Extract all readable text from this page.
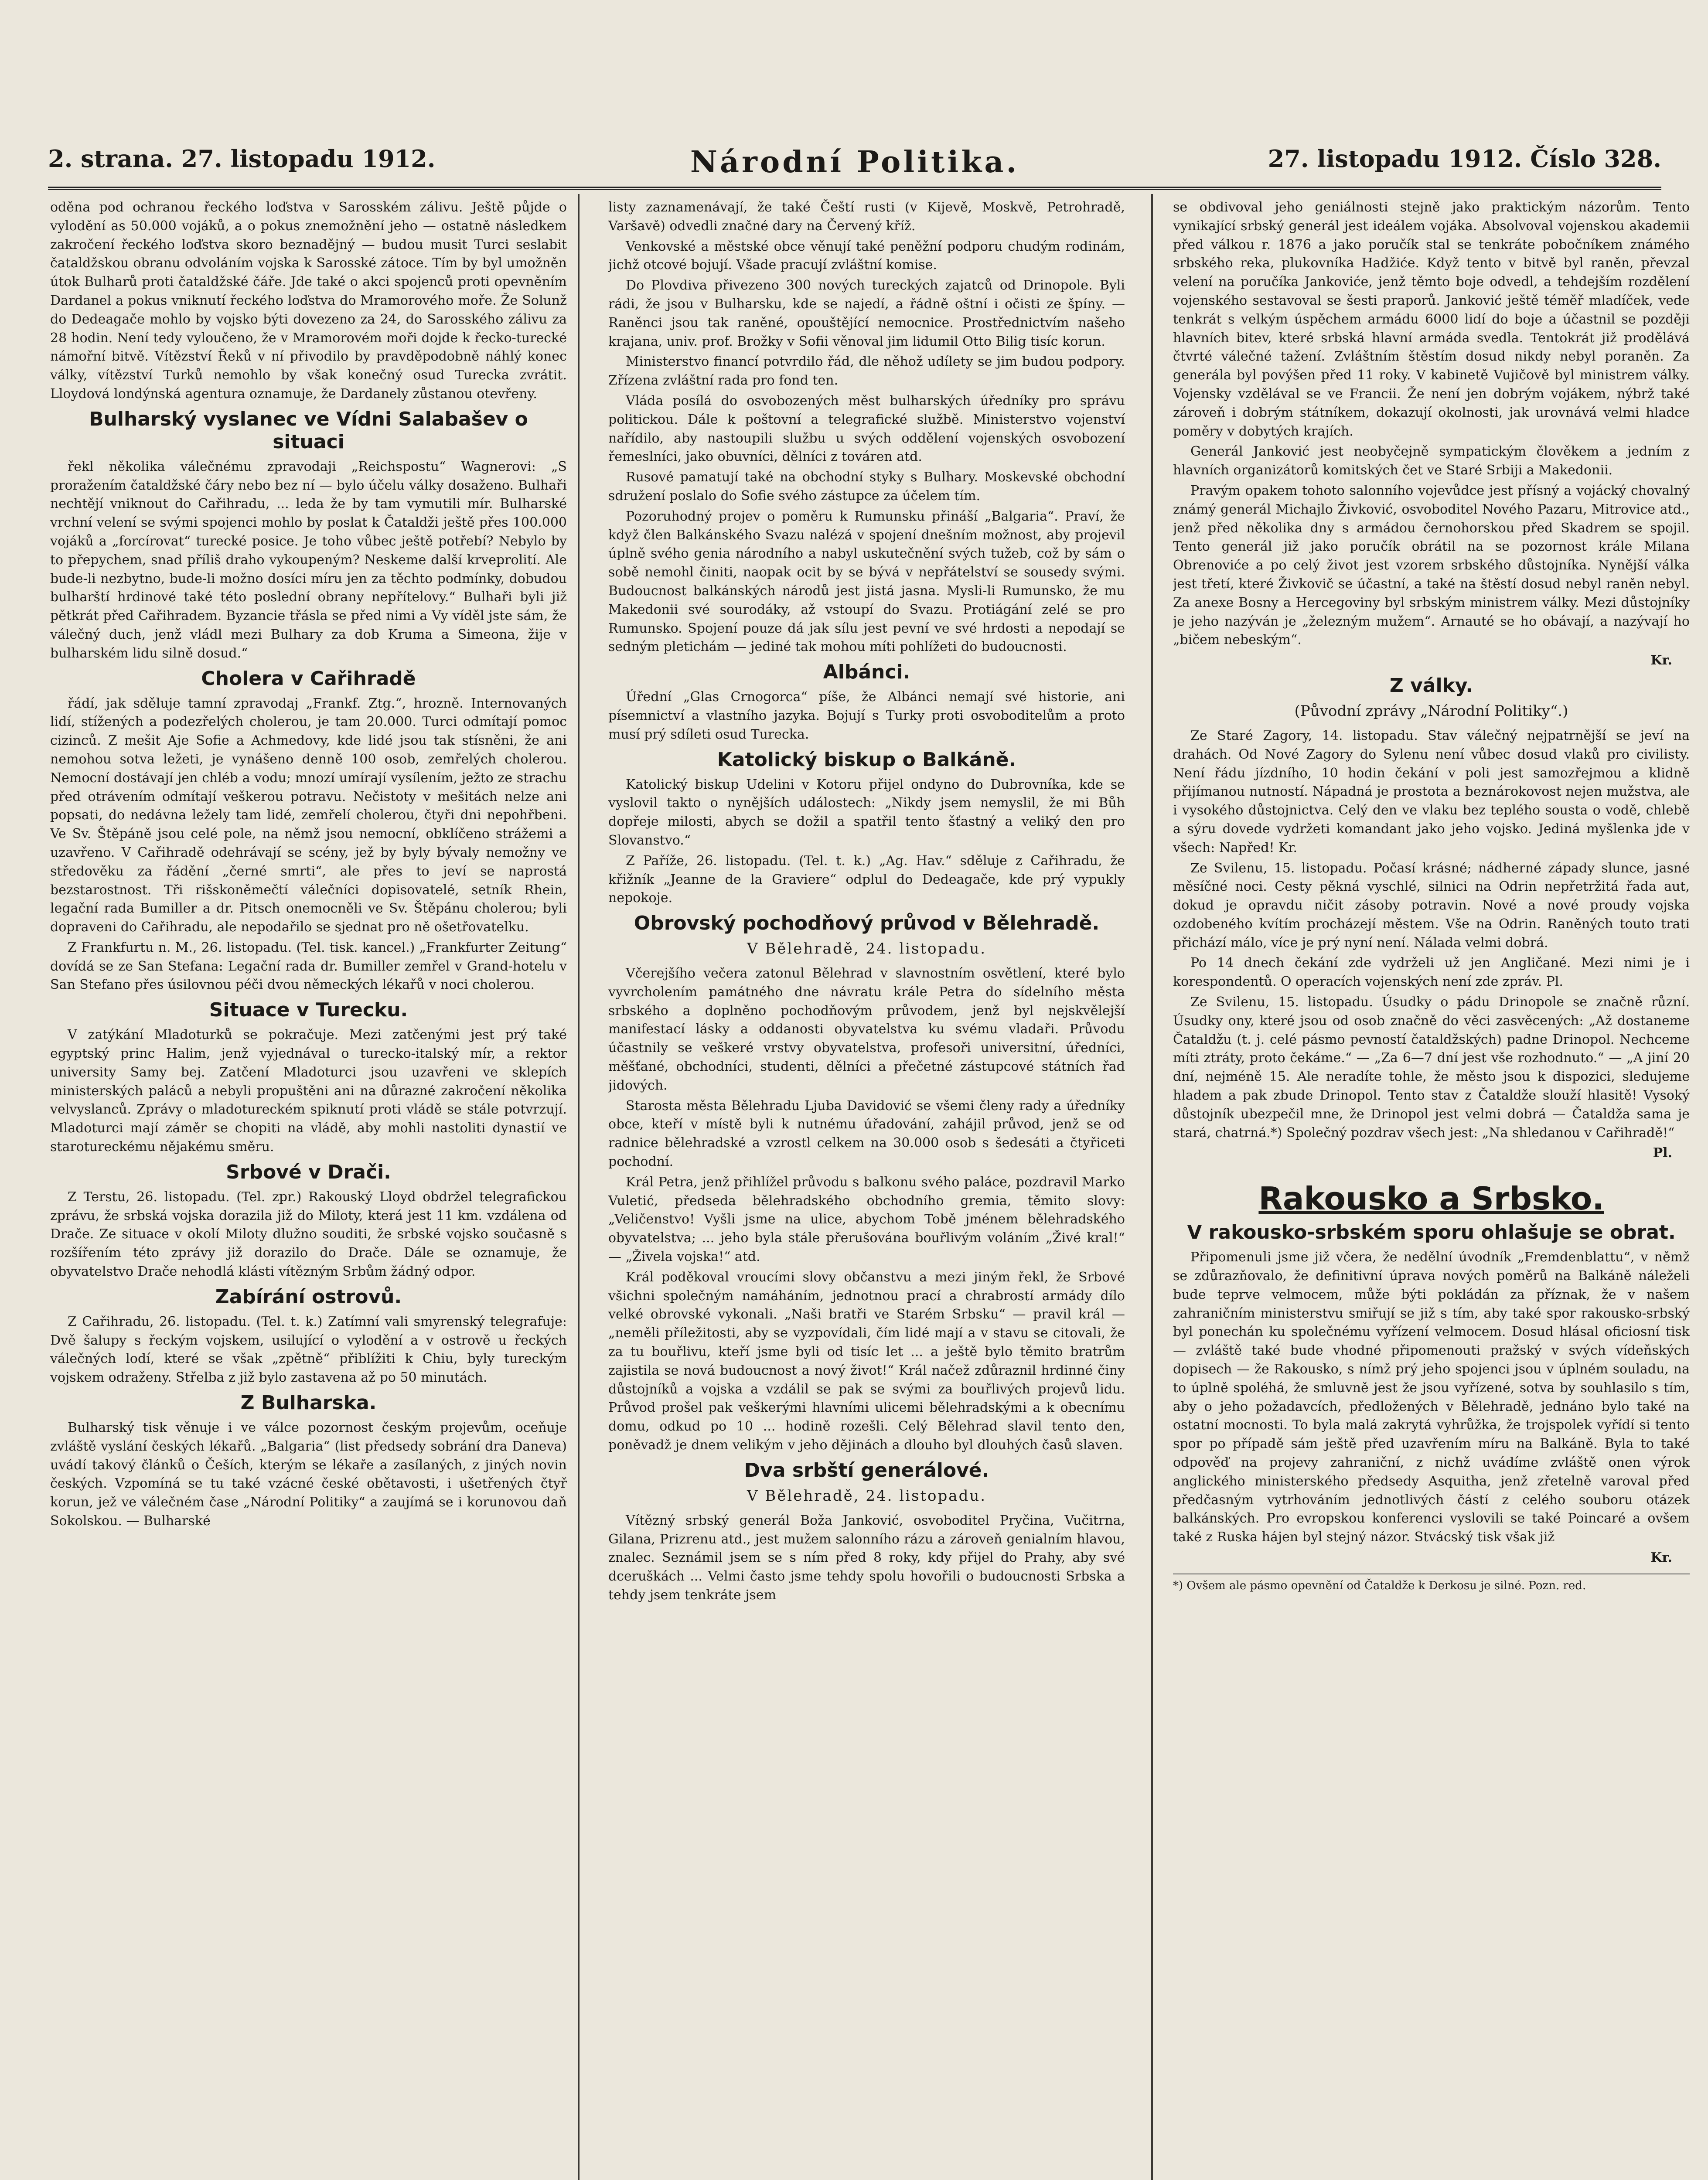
2. strana. 27. listopadu 1912.	Národní Politika.	27. listopadu 1912. Číslo 328.

oděna pod ochranou řeckého loďstva v Sarosském zálivu. Ještě půjde o vylodění as 50.000 vojáků, a o pokus znemožnění jeho — ostatně následkem zakročení řeckého loďstva skoro beznadějný — budou musit Turci seslabit čataldžskou obranu odvoláním vojska k Sarosské zátoce. Tím by byl umožněn útok Bulharů proti čataldžské čáře. Jde také o akci spojenců proti opevněním Dardanel a pokus vniknutí řeckého loďstva do Mramorového moře. Že Solunž do Dedeagače mohlo by vojsko býti dovezeno za 24, do Sarosského zálivu za 28 hodin. Není tedy vyloučeno, že v Mramorovém moři dojde k řecko-turecké námořní bitvě. Vítězství Řeků v ní přivodilo by pravděpodobně náhlý konec války, vítězství Turků nemohlo by však konečný osud Turecka zvrátit. Lloydová londýnská agentura oznamuje, že Dardanely zůstanou otevřeny.

Bulharský vyslanec ve Vídni Salabašev o situaci

řekl několika válečnému zpravodaji „Reichspostu“ Wagnerovi: „S proražením čataldžské čáry nebo bez ní — bylo účelu války dosaženo. Bulhaři nechtějí vniknout do Cařihradu, ... leda že by tam vymutili mír. Bulharské vrchní velení se svými spojenci mohlo by poslat k Čataldži ještě přes 100.000 vojáků a „forcírovat“ turecké posice. Je toho vůbec ještě potřebí? Nebylo by to přepychem, snad příliš draho vykoupeným? Neskeme další krveprolití. Ale bude-li nezbytno, bude-li možno dosíci míru jen za těchto podmínky, dobudou bulharští hrdinové také této poslední obrany nepřítelovy.“ Bulhaři byli již pětkrát před Cařihradem. Byzancie třásla se před nimi a Vy víděl jste sám, že válečný duch, jenž vládl mezi Bulhary za dob Kruma a Simeona, žije v bulharském lidu silně dosud.“

Cholera v Cařihradě

řádí, jak sděluje tamní zpravodaj „Frankf. Ztg.“, hrozně. Internovaných lidí, stížených a podezřelých cholerou, je tam 20.000. Turci odmítají pomoc cizinců. Z mešit Aje Sofie a Achmedovy, kde lidé jsou tak stísněni, že ani nemohou sotva ležeti, je vynášeno denně 100 osob, zemřelých cholerou. Nemocní dostávají jen chléb a vodu; mnozí umírají vysílením, ježto ze strachu před otrávením odmítají veškerou potravu. Nečistoty v mešitách nelze ani popsati, do nedávna ležely tam lidé, zemřelí cholerou, čtyři dni nepohřbeni. Ve Sv. Štěpáně jsou celé pole, na němž jsou nemocní, obklíčeno strážemi a uzavřeno. V Cařihradě odehrávají se scény, jež by byly bývaly nemožny ve středověku za řádění „černé smrti“, ale přes to jeví se naprostá bezstarostnost. Tři rišskoněmečtí válečníci dopisovatelé, setník Rhein, legační rada Bumiller a dr. Pitsch onemocněli ve Sv. Štěpánu cholerou; byli dopraveni do Cařihradu, ale nepodařilo se sjednat pro ně ošetřovatelku.

Z Frankfurtu n. M., 26. listopadu. (Tel. tisk. kancel.) „Frankfurter Zeitung“ dovídá se ze San Stefana: Legační rada dr. Bumiller zemřel v Grand-hotelu v San Stefano přes úsilovnou péči dvou německých lékařů v noci cholerou.

Situace v Turecku.

V zatýkání Mladoturků se pokračuje. Mezi zatčenými jest prý také egyptský princ Halim, jenž vyjednával o turecko-italský mír, a rektor university Samy bej. Zatčení Mladoturci jsou uzavřeni ve sklepích ministerských paláců a nebyli propuštěni ani na důrazné zakročení několika velvyslanců. Zprávy o mladotureckém spiknutí proti vládě se stále potvrzují. Mladoturci mají záměr se chopiti na vládě, aby mohli nastoliti dynastií ve starotureckému nějakému směru.

Srbové v Drači.

Z Terstu, 26. listopadu. (Tel. zpr.) Rakouský Lloyd obdržel telegrafickou zprávu, že srbská vojska dorazila již do Miloty, která jest 11 km. vzdálena od Drače. Ze situace v okolí Miloty dlužno souditi, že srbské vojsko současně s rozšířením této zprávy již dorazilo do Drače. Dále se oznamuje, že obyvatelstvo Drače nehodlá klásti vítězným Srbům žádný odpor.

Zabírání ostrovů.

Z Cařihradu, 26. listopadu. (Tel. t. k.) Zatímní vali smyrenský telegrafuje: Dvě šalupy s řeckým vojskem, usilující o vylodění a v ostrově u řeckých válečných lodí, které se však „zpětně“ přiblížiti k Chiu, byly tureckým vojskem odraženy. Střelba z již bylo zastavena až po 50 minutách.

Z Bulharska.

Bulharský tisk věnuje i ve válce pozornost českým projevům, oceňuje zvláště vyslání českých lékařů. „Balgaria“ (list předsedy sobrání dra Daneva) uvádí takový článků o Češích, kterým se lékaře a zasílaných, z jiných novin českých. Vzpomíná se tu také vzácné české obětavosti, i ušetřených čtyř korun, jež ve válečném čase „Národní Politiky“ a zaujímá se i korunovou daň Sokolskou. — Bulharské

listy zaznamenávají, že také Čeští rusti (v Kijevě, Moskvě, Petrohradě, Varšavě) odvedli značné dary na Červený kříž.

Venkovské a městské obce věnují také peněžní podporu chudým rodinám, jichž otcové bojují. Všade pracují zvláštní komise.

Do Plovdiva přivezeno 300 nových tureckých zajatců od Drinopole. Byli rádi, že jsou v Bulharsku, kde se najedí, a řádně oštní i očisti ze špíny. — Raněnci jsou tak raněné, opouštějící nemocnice. Prostřednictvím našeho krajana, univ. prof. Brožky v Sofii věnoval jim lidumil Otto Bilig tisíc korun.

Ministerstvo financí potvrdilo řád, dle něhož udílety se jim budou podpory. Zřízena zvláštní rada pro fond ten.

Vláda posílá do osvobozených měst bulharských úředníky pro správu politickou. Dále k poštovní a telegrafické službě. Ministerstvo vojenství nařídilo, aby nastoupili službu u svých oddělení vojenských osvobození řemeslníci, jako obuvníci, dělníci z továren atd.

Rusové pamatují také na obchodní styky s Bulhary. Moskevské obchodní sdružení poslalo do Sofie svého zástupce za účelem tím.

Pozoruhodný projev o poměru k Rumunsku přináší „Balgaria“. Praví, že když člen Balkánského Svazu nalézá v spojení dnešním možnost, aby projevil úplně svého genia národního a nabyl uskutečnění svých tužeb, což by sám o sobě nemohl činiti, naopak ocit by se bývá v nepřátelství se sousedy svými. Budoucnost balkánských národů jest jistá jasna. Mysli-li Rumunsko, že mu Makedonii své sourodáky, až vstoupí do Svazu. Protiágání zelé se pro Rumunsko. Spojení pouze dá jak sílu jest pevní ve své hrdosti a nepodají se sedným pletichám — jediné tak mohou míti pohlížeti do budoucnosti.

Albánci.

Úřední „Glas Crnogorca“ píše, že Albánci nemají své historie, ani písemnictví a vlastního jazyka. Bojují s Turky proti osvoboditelům a proto musí prý sdíleti osud Turecka.

Katolický biskup o Balkáně.

Katolický biskup Udelini v Kotoru přijel ondyno do Dubrovníka, kde se vyslovil takto o nynějších událostech: „Nikdy jsem nemyslil, že mi Bůh dopřeje milosti, abych se dožil a spatřil tento šťastný a veliký den pro Slovanstvo.“

Z Paříže, 26. listopadu. (Tel. t. k.) „Ag. Hav.“ sděluje z Cařihradu, že křižník „Jeanne de la Graviere“ odplul do Dedeagače, kde prý vypukly nepokoje.

Obrovský pochodňový průvod v Bělehradě.
V Bělehradě, 24. listopadu.

Včerejšího večera zatonul Bělehrad v slavnostním osvětlení, které bylo vyvrcholením památného dne návratu krále Petra do sídelního města srbského a doplněno pochodňovým průvodem, jenž byl nejskvělejší manifestací lásky a oddanosti obyvatelstva ku svému vladaři. Průvodu účastnily se veškeré vrstvy obyvatelstva, profesoři universitní, úředníci, měšťané, obchodníci, studenti, dělníci a přečetné zástupcové státních řad jidových.

Starosta města Bělehradu Ljuba Davidović se všemi členy rady a úředníky obce, kteří v místě byli k nutnému úřadování, zahájil průvod, jenž se od radnice bělehradské a vzrostl celkem na 30.000 osob s šedesáti a čtyřiceti pochodní.

Král Petra, jenž přihlížel průvodu s balkonu svého paláce, pozdravil Marko Vuletić, předseda bělehradského obchodního gremia, těmito slovy: „Veličenstvo! Vyšli jsme na ulice, abychom Tobě jménem bělehradského obyvatelstva; ... jeho byla stále přerušována bouřlivým voláním „Živé kral!“ — „Živela vojska!“ atd.

Král poděkoval vroucími slovy občanstvu a mezi jiným řekl, že Srbové všichni společným namáháním, jednotnou prací a chrabrostí armády dílo velké obrovské vykonali. „Naši bratři ve Starém Srbsku“ — pravil král — „neměli příležitosti, aby se vyzpovídali, čím lidé mají a v stavu se citovali, že za tu bouřlivu, kteří jsme byli od tisíc let ... a ještě bylo těmito bratrům zajistila se nová budoucnost a nový život!“ Král načež zdůraznil hrdinné činy důstojníků a vojska a vzdálil se pak se svými za bouřlivých projevů lidu. Průvod prošel pak veškerými hlavními ulicemi bělehradskými a k obecnímu domu, odkud po 10 ... hodině rozešli. Celý Bělehrad slavil tento den, poněvadž je dnem velikým v jeho dějinách a dlouho byl dlouhých časů slaven.

Dva srbští generálové.
V Bělehradě, 24. listopadu.

Vítězný srbský generál Boža Janković, osvoboditel Pryčina, Vučitrna, Gilana, Prizrenu atd., jest mužem salonního rázu a zároveň genialním hlavou, znalec. Seznámil jsem se s ním před 8 roky, kdy přijel do Prahy, aby své dceruškách ... Velmi často jsme tehdy spolu hovořili o budoucnosti Srbska a tehdy jsem tenkráte jsem

se obdivoval jeho geniálnosti stejně jako praktickým názorům. Tento vynikající srbský generál jest ideálem vojáka. Absolvoval vojenskou akademii před válkou r. 1876 a jako poručík stal se tenkráte pobočníkem známého srbského reka, plukovníka Hadžiće. Když tento v bitvě byl raněn, převzal velení na poručíka Jankoviće, jenž těmto boje odvedl, a tehdejším rozdělení vojenského sestavoval se šesti praporů. Janković ještě téměř mladíček, vede tenkrát s velkým úspěchem armádu 6000 lidí do boje a účastnil se později hlavních bitev, které srbská hlavní armáda svedla. Tentokrát již prodělává čtvrté válečné tažení. Zvláštním štěstím dosud nikdy nebyl poraněn. Za generála byl povýšen před 11 roky. V kabinetě Vujičově byl ministrem války. Vojensky vzdělával se ve Francii. Že není jen dobrým vojákem, nýbrž také zároveň i dobrým státníkem, dokazují okolnosti, jak urovnává velmi hladce poměry v dobytých krajích.

Generál Janković jest neobyčejně sympatickým člověkem a jedním z hlavních organizátorů komitských čet ve Staré Srbiji a Makedonii.

Pravým opakem tohoto salonního vojevůdce jest přísný a vojácký chovalný známý generál Michajlo Živković, osvoboditel Nového Pazaru, Mitrovice atd., jenž před několika dny s armádou černohorskou před Skadrem se spojil. Tento generál již jako poručík obrátil na se pozornost krále Milana Obrenoviće a po celý život jest vzorem srbského důstojníka. Nynější válka jest třetí, které Živkovič se účastní, a také na štěstí dosud nebyl raněn nebyl. Za anexe Bosny a Hercegoviny byl srbským ministrem války. Mezi důstojníky je jeho nazýván je „železným mužem“. Arnauté se ho obávají, a nazývají ho „bičem nebeským“.

Kr.
Z války.
(Původní zprávy „Národní Politiky“.)

Ze Staré Zagory, 14. listopadu. Stav válečný nejpatrnější se jeví na drahách. Od Nové Zagory do Sylenu není vůbec dosud vlaků pro civilisty. Není řádu jízdního, 10 hodin čekání v poli jest samozřejmou a klidně přijímanou nutností. Nápadná je prostota a beznárokovost nejen mužstva, ale i vysokého důstojnictva. Celý den ve vlaku bez teplého sousta o vodě, chlebě a sýru dovede vydržeti komandant jako jeho vojsko. Jediná myšlenka jde v všech: Napřed! Kr.

Ze Svilenu, 15. listopadu. Počasí krásné; nádherné západy slunce, jasné měsíčné noci. Cesty pěkná vyschlé, silnici na Odrin nepřetržitá řada aut, dokud je opravdu ničit zásoby potravin. Nové a nové proudy vojska ozdobeného kvítím procházejí městem. Vše na Odrin. Raněných touto trati přichází málo, více je prý nyní není. Nálada velmi dobrá.

Po 14 dnech čekání zde vydrželi už jen Angličané. Mezi nimi je i korespondentů. O operacích vojenských není zde zpráv. Pl.

Ze Svilenu, 15. listopadu. Úsudky o pádu Drinopole se značně různí. Úsudky ony, které jsou od osob značně do věci zasvěcených: „Až dostaneme Čataldžu (t. j. celé pásmo pevností čataldžských) padne Drinopol. Nechceme míti ztráty, proto čekáme.“ — „Za 6—7 dní jest vše rozhodnuto.“ — „A jiní 20 dní, nejméně 15. Ale neradíte tohle, že město jsou k dispozici, sledujeme hladem a pak zbude Drinopol. Tento stav z Čataldže slouží hlasitě! Vysoký důstojník ubezpečil mne, že Drinopol jest velmi dobrá — Čataldža sama je stará, chatrná.*) Společný pozdrav všech jest: „Na shledanou v Cařihradě!“

Pl.
Rakousko a Srbsko.
V rakousko-srbském sporu ohlašuje se obrat.

Připomenuli jsme již včera, že nedělní úvodník „Fremdenblattu“, v němž se zdůrazňovalo, že definitivní úprava nových poměrů na Balkáně náleželi bude teprve velmocem, může býti pokládán za příznak, že v našem zahraničním ministerstvu smiřují se již s tím, aby také spor rakousko-srbský byl ponechán ku společnému vyřízení velmocem. Dosud hlásal oficiosní tisk — zvláště také bude vhodné připomenouti pražský v svých vídeňských dopisech — že Rakousko, s nímž prý jeho spojenci jsou v úplném souladu, na to úplně spoléhá, že smluvně jest že jsou vyřízené, sotva by souhlasilo s tím, aby o jeho požadavcích, předložených v Bělehradě, jednáno bylo také na ostatní mocnosti. To byla malá zakrytá vyhrůžka, že trojspolek vyřídí si tento spor po případě sám ještě před uzavřením míru na Balkáně. Byla to také odpověď na projevy zahraniční, z nichž uvádíme zvláště onen výrok anglického ministerského předsedy Asquitha, jenž zřetelně varoval před předčasným vytrhováním jednotlivých částí z celého souboru otázek balkánských. Pro evropskou konferenci vyslovili se také Poincaré a ovšem také z Ruska hájen byl stejný názor. Stvácský tisk však již

Kr.
*) Ovšem ale pásmo opevnění od Čataldže k Derkosu je silné. Pozn. red.
